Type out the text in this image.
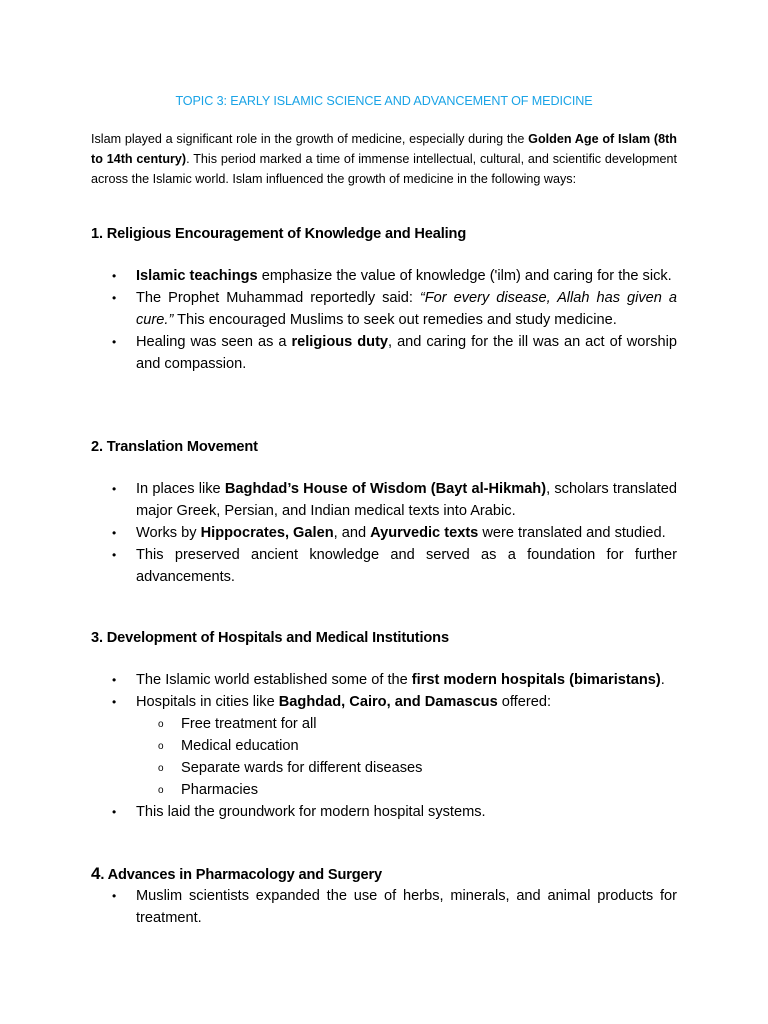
TOPIC 3: EARLY ISLAMIC SCIENCE AND ADVANCEMENT OF MEDICINE

Islam played a significant role in the growth of medicine, especially during the Golden Age of Islam (8th to 14th century). This period marked a time of immense intellectual, cultural, and scientific development across the Islamic world. Islam influenced the growth of medicine in the following ways:

1. Religious Encouragement of Knowledge and Healing
• Islamic teachings emphasize the value of knowledge ('ilm) and caring for the sick.
• The Prophet Muhammad reportedly said: “For every disease, Allah has given a cure.” This encouraged Muslims to seek out remedies and study medicine.
• Healing was seen as a religious duty, and caring for the ill was an act of worship and compassion.
2. Translation Movement
• In places like Baghdad’s House of Wisdom (Bayt al-Hikmah), scholars translated major Greek, Persian, and Indian medical texts into Arabic.
• Works by Hippocrates, Galen, and Ayurvedic texts were translated and studied.
• This preserved ancient knowledge and served as a foundation for further advancements.
3. Development of Hospitals and Medical Institutions
• The Islamic world established some of the first modern hospitals (bimaristans).
• Hospitals in cities like Baghdad, Cairo, and Damascus offered:
o Free treatment for all
o Medical education
o Separate wards for different diseases
o Pharmacies
• This laid the groundwork for modern hospital systems.
4. Advances in Pharmacology and Surgery
• Muslim scientists expanded the use of herbs, minerals, and animal products for treatment.
